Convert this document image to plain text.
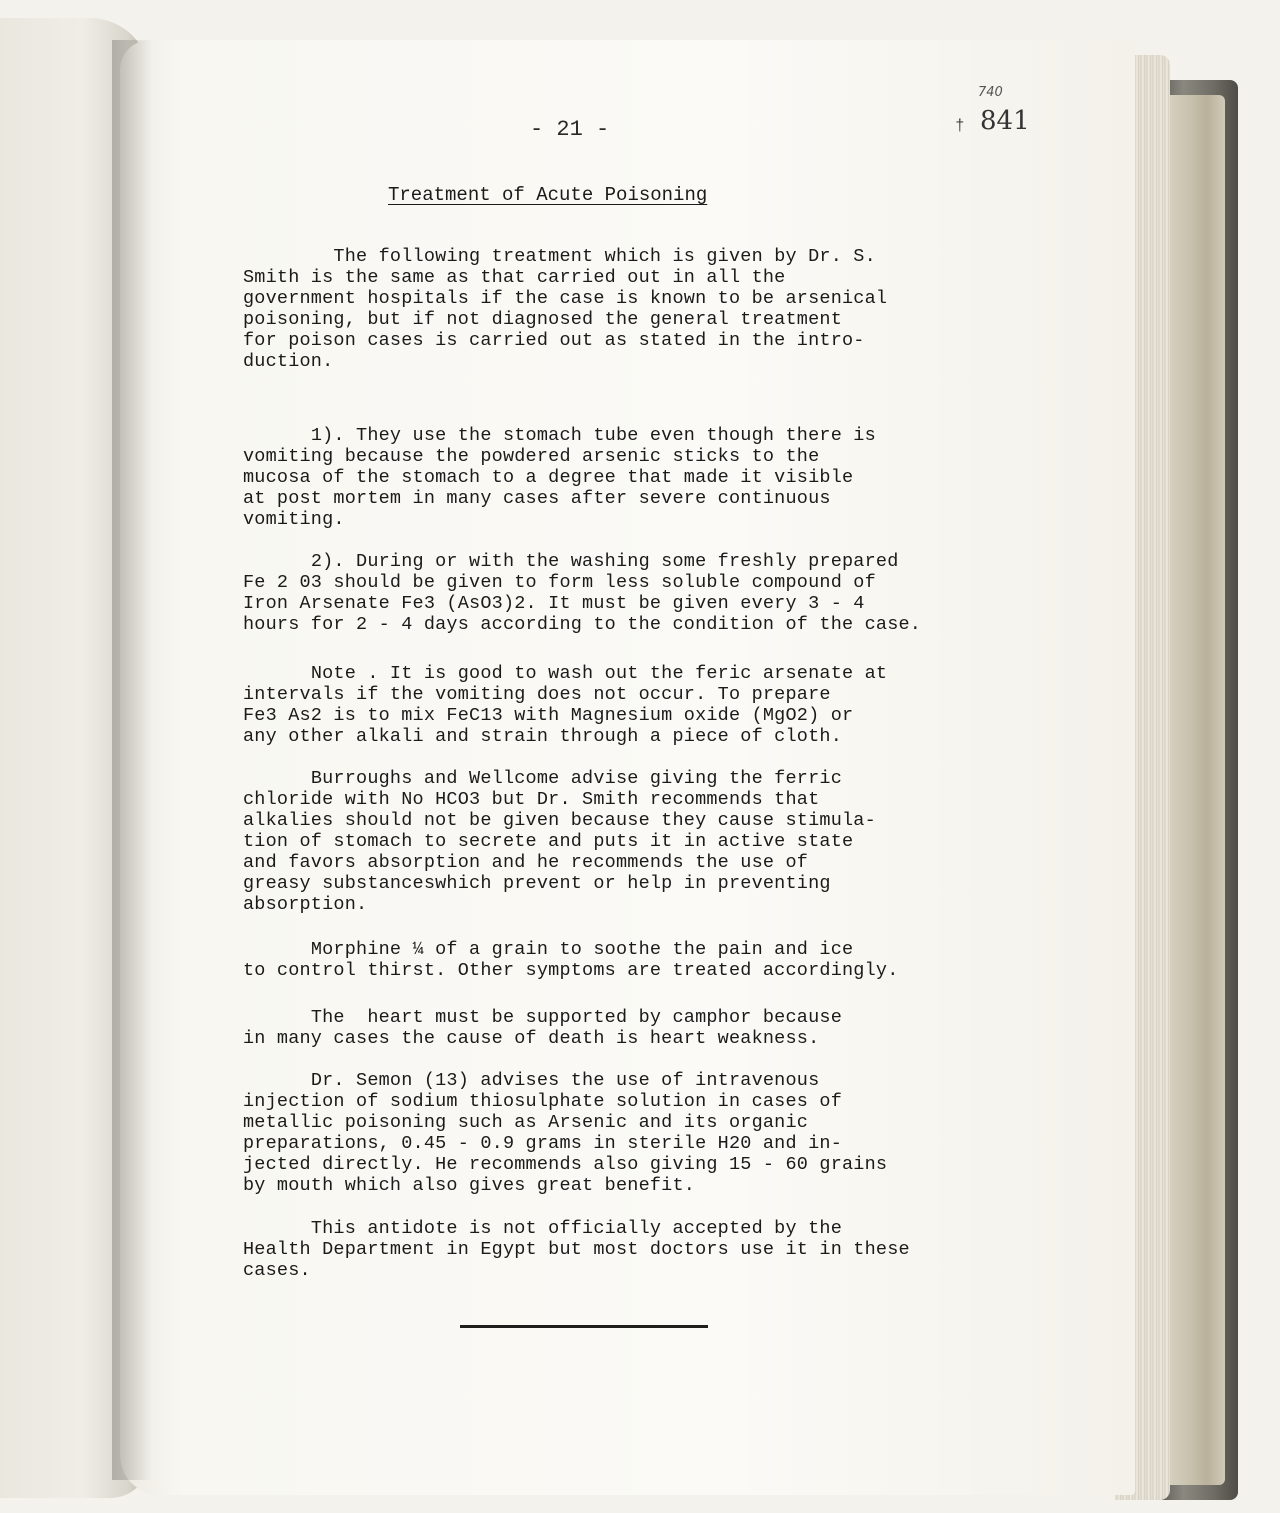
- 21 -
740
† 841
Treatment of Acute Poisoning
The following treatment which is given by Dr. S.
Smith is the same as that carried out in all the
government hospitals if the case is known to be arsenical
poisoning, but if not diagnosed the general treatment
for poison cases is carried out as stated in the intro-
duction.
1). They use the stomach tube even though there is
vomiting because the powdered arsenic sticks to the
mucosa of the stomach to a degree that made it visible
at post mortem in many cases after severe continuous
vomiting.
2). During or with the washing some freshly prepared
Fe 2 03 should be given to form less soluble compound of
Iron Arsenate Fe3 (AsO3)2. It must be given every 3 - 4
hours for 2 - 4 days according to the condition of the case.
Note . It is good to wash out the feric arsenate at
intervals if the vomiting does not occur. To prepare
Fe3 As2 is to mix FeC13 with Magnesium oxide (MgO2) or
any other alkali and strain through a piece of cloth.
Burroughs and Wellcome advise giving the ferric
chloride with No HCO3 but Dr. Smith recommends that
alkalies should not be given because they cause stimula-
tion of stomach to secrete and puts it in active state
and favors absorption and he recommends the use of
greasy substanceswhich prevent or help in preventing
absorption.
Morphine ¼ of a grain to soothe the pain and ice
to control thirst. Other symptoms are treated accordingly.
The  heart must be supported by camphor because
in many cases the cause of death is heart weakness.
Dr. Semon (13) advises the use of intravenous
injection of sodium thiosulphate solution in cases of
metallic poisoning such as Arsenic and its organic
preparations, 0.45 - 0.9 grams in sterile H20 and in-
jected directly. He recommends also giving 15 - 60 grains
by mouth which also gives great benefit.
This antidote is not officially accepted by the
Health Department in Egypt but most doctors use it in these
cases.
